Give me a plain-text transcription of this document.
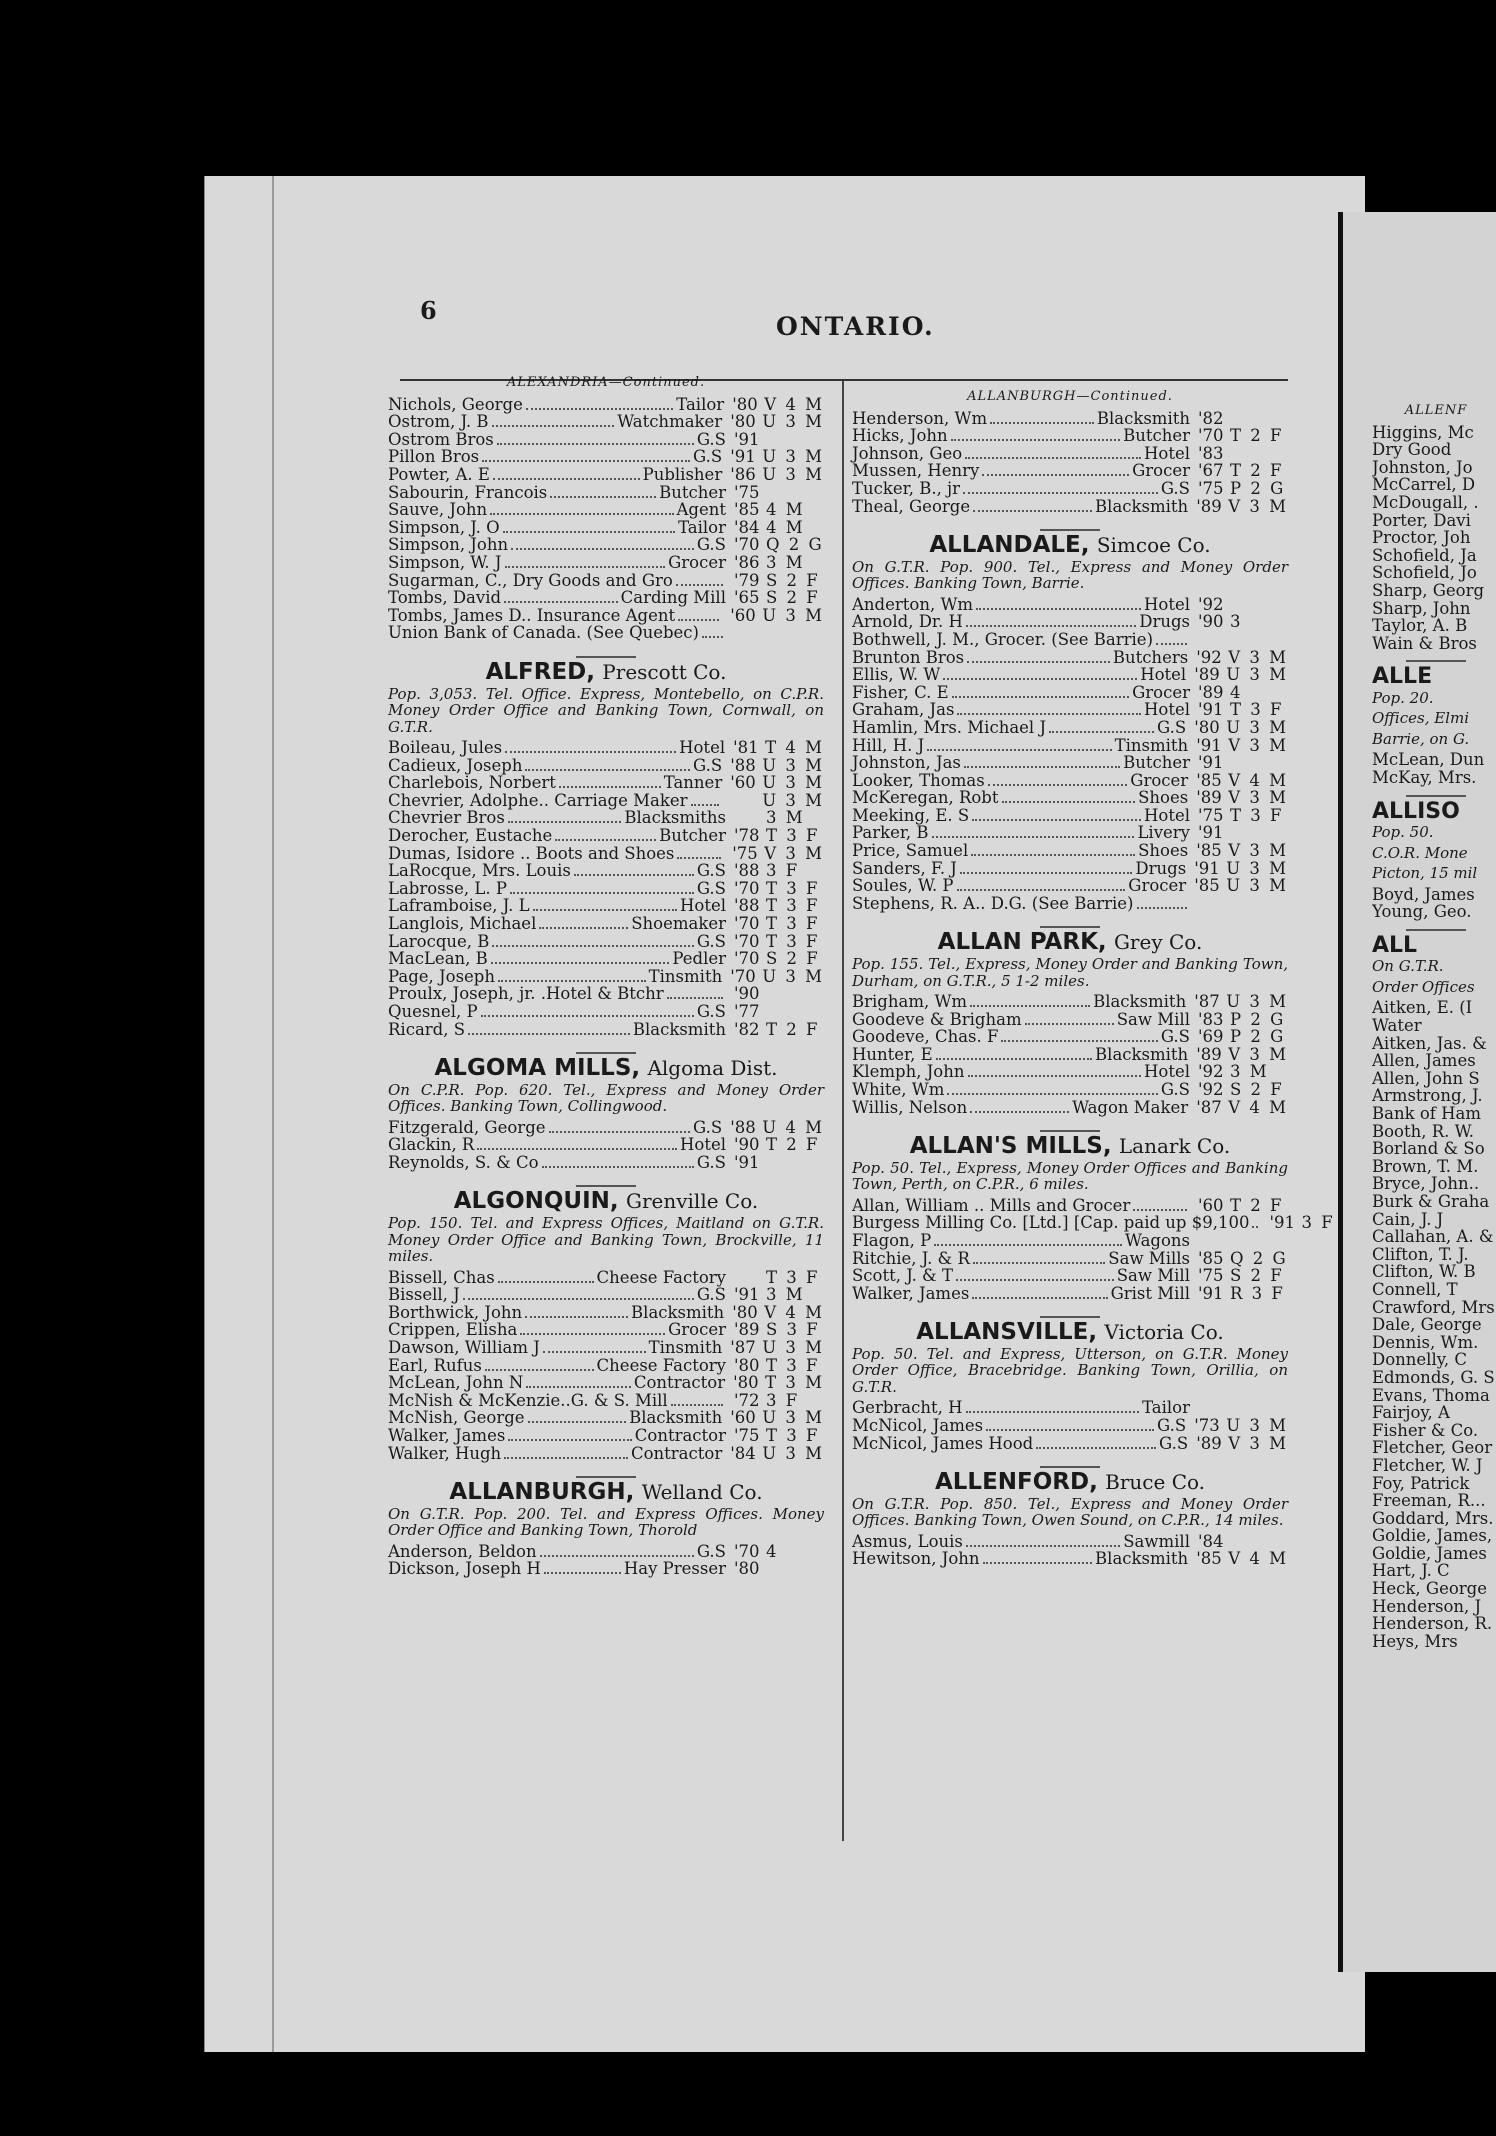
6
ONTARIO.
ALEXANDRIA—Continued.
Nichols, George	Tailor '80 V 4 M
Ostrom, J. B	Watchmaker '80 U 3 M
Ostrom Bros	G.S '91
Pillon Bros	G.S '91 U 3 M
Powter, A. E	Publisher '86 U 3 M
Sabourin, Francois	Butcher '75
Sauve, John	Agent '85 4 M
Simpson, J. O	Tailor '84 4 M
Simpson, John	G.S '70 Q 2 G
Simpson, W. J	Grocer '86 3 M
Sugarman, C., Dry Goods and Gro	'79 S 2 F
Tombs, David	Carding Mill '65 S 2 F
Tombs, James D.. Insurance Agent	'60 U 3 M
Union Bank of Canada. (See Quebec)
ALFRED, Prescott Co.
Pop. 3,053. Tel. Office. Express, Montebello, on C.P.R. Money Order Office and Banking Town, Cornwall, on G.T.R.
Boileau, Jules	Hotel '81 T 4 M
Cadieux, Joseph	G.S '88 U 3 M
Charlebois, Norbert	Tanner '60 U 3 M
Chevrier, Adolphe.. Carriage Maker	U 3 M
Chevrier Bros	Blacksmiths 3 M
Derocher, Eustache	Butcher '78 T 3 F
Dumas, Isidore .. Boots and Shoes	'75 V 3 M
LaRocque, Mrs. Louis	G.S '88 3 F
Labrosse, L. P	G.S '70 T 3 F
Laframboise, J. L	Hotel '88 T 3 F
Langlois, Michael	Shoemaker '70 T 3 F
Larocque, B	G.S '70 T 3 F
MacLean, B	Pedler '70 S 2 F
Page, Joseph	Tinsmith '70 U 3 M
Proulx, Joseph, jr. .Hotel & Btchr	'90
Quesnel, P	G.S '77
Ricard, S	Blacksmith '82 T 2 F
ALGOMA MILLS, Algoma Dist.
On C.P.R. Pop. 620. Tel., Express and Money Order Offices. Banking Town, Collingwood.
Fitzgerald, George	G.S '88 U 4 M
Glackin, R	Hotel '90 T 2 F
Reynolds, S. & Co	G.S '91
ALGONQUIN, Grenville Co.
Pop. 150. Tel. and Express Offices, Maitland on G.T.R. Money Order Office and Banking Town, Brockville, 11 miles.
Bissell, Chas	Cheese Factory T 3 F
Bissell, J	G.S '91 3 M
Borthwick, John	Blacksmith '80 V 4 M
Crippen, Elisha	Grocer '89 S 3 F
Dawson, William J	Tinsmith '87 U 3 M
Earl, Rufus	Cheese Factory '80 T 3 F
McLean, John N	Contractor '80 T 3 M
McNish & McKenzie..G. & S. Mill	'72 3 F
McNish, George	Blacksmith '60 U 3 M
Walker, James	Contractor '75 T 3 F
Walker, Hugh	Contractor '84 U 3 M
ALLANBURGH, Welland Co.
On G.T.R. Pop. 200. Tel. and Express Offices. Money Order Office and Banking Town, Thorold
Anderson, Beldon	G.S '70 4
Dickson, Joseph H	Hay Presser '80
ALLANBURGH—Continued.
Henderson, Wm	Blacksmith '82
Hicks, John	Butcher '70 T 2 F
Johnson, Geo	Hotel '83
Mussen, Henry	Grocer '67 T 2 F
Tucker, B., jr	G.S '75 P 2 G
Theal, George	Blacksmith '89 V 3 M
ALLANDALE, Simcoe Co.
On G.T.R. Pop. 900. Tel., Express and Money Order Offices. Banking Town, Barrie.
Anderton, Wm	Hotel '92
Arnold, Dr. H	Drugs '90 3
Bothwell, J. M., Grocer. (See Barrie)
Brunton Bros	Butchers '92 V 3 M
Ellis, W. W	Hotel '89 U 3 M
Fisher, C. E	Grocer '89 4
Graham, Jas	Hotel '91 T 3 F
Hamlin, Mrs. Michael J	G.S '80 U 3 M
Hill, H. J	Tinsmith '91 V 3 M
Johnston, Jas	Butcher '91
Looker, Thomas	Grocer '85 V 4 M
McKeregan, Robt	Shoes '89 V 3 M
Meeking, E. S	Hotel '75 T 3 F
Parker, B	Livery '91
Price, Samuel	Shoes '85 V 3 M
Sanders, F. J	Drugs '91 U 3 M
Soules, W. P	Grocer '85 U 3 M
Stephens, R. A.. D.G. (See Barrie)
ALLAN PARK, Grey Co.
Pop. 155. Tel., Express, Money Order and Banking Town, Durham, on G.T.R., 5 1-2 miles.
Brigham, Wm	Blacksmith '87 U 3 M
Goodeve & Brigham	Saw Mill '83 P 2 G
Goodeve, Chas. F	G.S '69 P 2 G
Hunter, E	Blacksmith '89 V 3 M
Klemph, John	Hotel '92 3 M
White, Wm	G.S '92 S 2 F
Willis, Nelson	Wagon Maker '87 V 4 M
ALLAN'S MILLS, Lanark Co.
Pop. 50. Tel., Express, Money Order Offices and Banking Town, Perth, on C.P.R., 6 miles.
Allan, William .. Mills and Grocer	'60 T 2 F
Burgess Milling Co. [Ltd.] [Cap. paid up $9,100	'91 3 F
Flagon, P	Wagons
Ritchie, J. & R	Saw Mills '85 Q 2 G
Scott, J. & T	Saw Mill '75 S 2 F
Walker, James	Grist Mill '91 R 3 F
ALLANSVILLE, Victoria Co.
Pop. 50. Tel. and Express, Utterson, on G.T.R. Money Order Office, Bracebridge. Banking Town, Orillia, on G.T.R.
Gerbracht, H	Tailor
McNicol, James	G.S '73 U 3 M
McNicol, James Hood	G.S '89 V 3 M
ALLENFORD, Bruce Co.
On G.T.R. Pop. 850. Tel., Express and Money Order Offices. Banking Town, Owen Sound, on C.P.R., 14 miles.
Asmus, Louis	Sawmill '84
Hewitson, John	Blacksmith '85 V 4 M
ALLENF
Higgins, Mc
Dry Good
Johnston, Jo
McCarrel, D
McDougall, .
Porter, Davi
Proctor, Joh
Schofield, Ja
Schofield, Jo
Sharp, Georg
Sharp, John
Taylor, A. B
Wain & Bros
ALLE
Pop. 20.
Offices, Elmi
Barrie, on G.
McLean, Dun
McKay, Mrs.
ALLISO
Pop. 50.
C.O.R. Mone
Picton, 15 mil
Boyd, James
Young, Geo.
ALL
On G.T.R.
Order Offices
Aitken, E. (I
Water
Aitken, Jas. &
Allen, James
Allen, John S
Armstrong, J.
Bank of Ham
Booth, R. W.
Borland & So
Brown, T. M.
Bryce, John..
Burk & Graha
Cain, J. J
Callahan, A. &
Clifton, T. J.
Clifton, W. B
Connell, T
Crawford, Mrs
Dale, George
Dennis, Wm.
Donnelly, C
Edmonds, G. S
Evans, Thoma
Fairjoy, A
Fisher & Co.
Fletcher, Geor
Fletcher, W. J
Foy, Patrick
Freeman, R...
Goddard, Mrs.
Goldie, James,
Goldie, James
Hart, J. C
Heck, George
Henderson, J
Henderson, R.
Heys, Mrs
